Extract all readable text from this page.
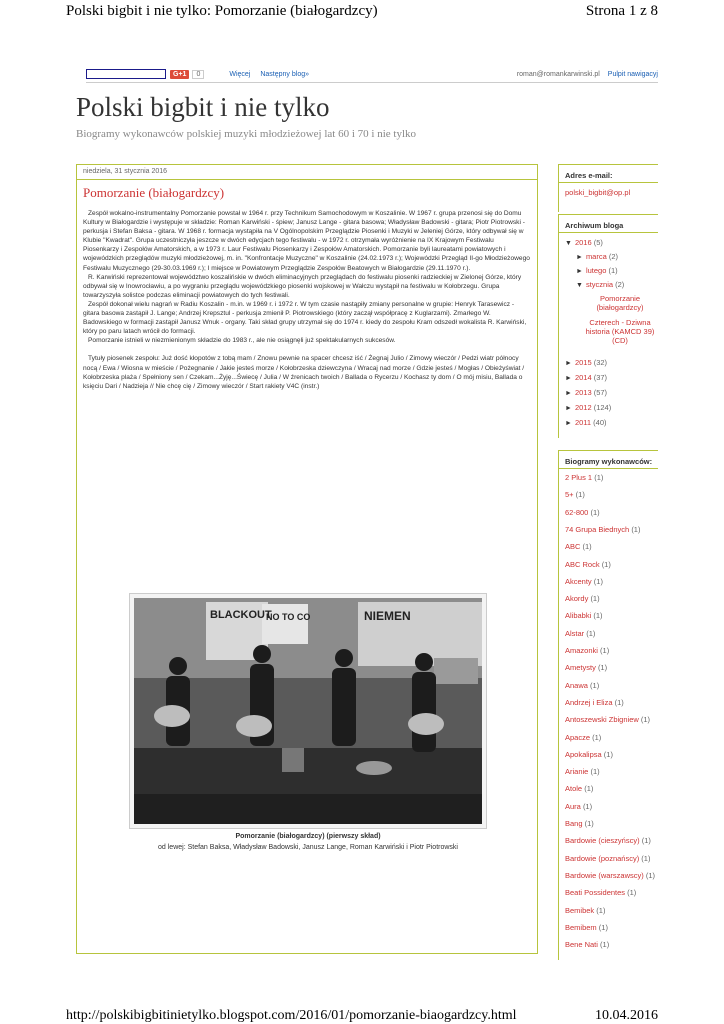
Polski bigbit i nie tylko: Pomorzanie (białogardzcy)	Strona 1 z 8
G+1	0	Więcej Następny blog»	roman@romankarwinski.pl Pulpit nawigacyj
Polski bigbit i nie tylko
Biogramy wykonawców polskiej muzyki młodzieżowej lat 60 i 70 i nie tylko
niedziela, 31 stycznia 2016
Pomorzanie (białogardzcy)

Zespół wokalno-instrumentalny Pomorzanie powstał w 1964 r. przy Technikum Samochodowym w Koszalinie. W 1967 r. grupa przenosi się do Domu Kultury w Białogardzie i występuje w składzie: Roman Karwiński - śpiew; Janusz Lange - gitara basowa; Władysław Badowski - gitara; Piotr Piotrowski - perkusja i Stefan Baksa - gitara. W 1968 r. formacja wystąpiła na V Ogólnopolskim Przeglądzie Piosenki i Muzyki w Jeleniej Górze, który odbywał się w Klubie "Kwadrat". Grupa uczestniczyła jeszcze w dwóch edycjach tego festiwalu - w 1972 r. otrzymała wyróżnienie na IX Krajowym Festiwalu Piosenkarzy i Zespołów Amatorskich, a w 1973 r. Laur Festiwalu Piosenkarzy i Zespołów Amatorskich. Pomorzanie byli laureatami powiatowych i wojewódzkich przeglądów muzyki młodzieżowej, m. in. "Konfrontacje Muzyczne" w Koszalinie (24.02.1973 r.); Wojewódzki Przegląd II-go Młodzieżowego Festiwalu Muzycznego (29-30.03.1969 r.); I miejsce w Powiatowym Przeglądzie Zespołów Beatowych w Białogardzie (29.11.1970 r.).

R. Karwiński reprezentował województwo koszalińskie w dwóch eliminacyjnych przeglądach do festiwalu piosenki radzieckiej w Zielonej Górze, który odbywał się w Inowrocławiu, a po wygraniu przeglądu wojewódzkiego piosenki wojskowej w Wałczu wystąpił na festiwalu w Kołobrzegu. Grupa towarzyszyła solistce podczas eliminacji powiatowych do tych festiwali.

Zespół dokonał wielu nagrań w Radiu Koszalin - m.in. w 1969 r. i 1972 r. W tym czasie nastąpiły zmiany personalne w grupie: Henryk Tarasewicz - gitara basowa zastąpił J. Lange; Andrzej Krepsztul - perkusja zmienił P. Piotrowskiego (który zaczął współpracę z Kuglarzami). Zmarłego W. Badowskiego w formacji zastąpił Janusz Wnuk - organy. Taki skład grupy utrzymał się do 1974 r. kiedy do zespołu Kram odszedł wokalista R. Karwiński, który po paru latach wrócił do formacji.

Pomorzanie istnieli w niezmienionym składzie do 1983 r., ale nie osiągnęli już spektakularnych sukcesów.

Tytuły piosenek zespołu: Już dość kłopotów z tobą mam / Znowu pewnie na spacer chcesz iść / Żegnaj Julio / Zimowy wieczór / Pedzi wiatr północy nocą / Ewa / Wiosna w mieście / Pożegnanie / Jakie jesteś morze / Kołobrzeska dziewczyna / Wracaj nad morze / Gdzie jesteś / Mogłas / Obieżyświat / Kołobrzeska plaża / Spełniony sen / Czekam...Żyję...Świecę / Julia / W źrenicach twoich / Ballada o Rycerzu / Kochasz ty dom / O mój misiu, Ballada o księciu Dari / Nadzieja // Nie chcę cię / Zimowy wieczór / Start rakiety V4C (instr.)

BLACKOUT
NO TO CO	NIEMEN
Pomorzanie (białogardzcy) (pierwszy skład)
od lewej: Stefan Baksa, Władysław Badowski, Janusz Lange, Roman Karwiński i Piotr Piotrowski
Adres e-mail:
polski_bigbit@op.pl
Archiwum bloga
▼ 2016 (5)
► marca (2)
► lutego (1)
▼ stycznia (2)
Pomorzanie (białogardzcy)
Czterech - Dziwna historia (KAMCD 39) (CD)
► 2015 (32)
► 2014 (37)
► 2013 (57)
► 2012 (124)
► 2011 (40)
Biogramy wykonawców:
2 Plus 1 (1)
5+ (1)
62-800 (1)
74 Grupa Biednych (1)
ABC (1)
ABC Rock (1)
Akcenty (1)
Akordy (1)
Alibabki (1)
Alstar (1)
Amazonki (1)
Ametysty (1)
Anawa (1)
Andrzej i Eliza (1)
Antoszewski Zbigniew (1)
Apacze (1)
Apokalipsa (1)
Arianie (1)
Atole (1)
Aura (1)
Bang (1)
Bardowie (cieszyńscy) (1)
Bardowie (poznańscy) (1)
Bardowie (warszawscy) (1)
Beati Possidentes (1)
Bemibek (1)
Bemibem (1)
Bene Nati (1)
http://polskibigbitinietylko.blogspot.com/2016/01/pomorzanie-biaogardzcy.html	10.04.2016
